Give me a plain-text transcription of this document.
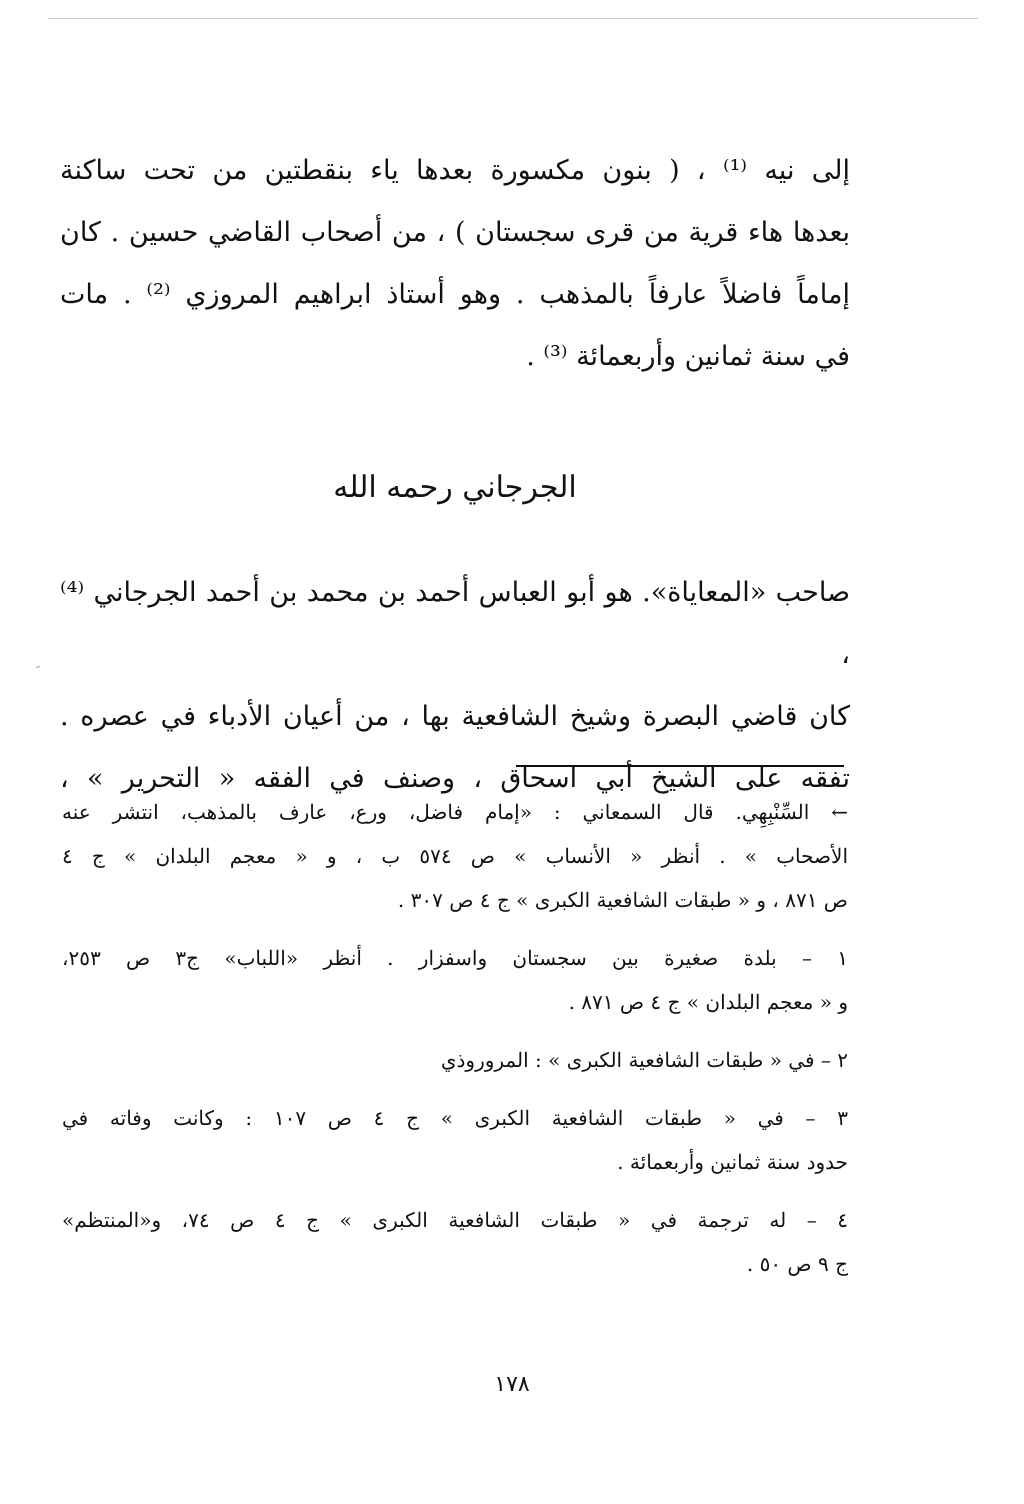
إلى نيه ⁽¹⁾ ، ( بنون مكسورة بعدها ياء بنقطتين من تحت ساكنة
بعدها هاء قرية من قرى سجستان ) ، من أصحاب القاضي حسين . كان
إماماً فاضلاً عارفاً بالمذهب . وهو أستاذ ابراهيم المروزي ⁽²⁾ . مات
في سنة ثمانين وأربعمائة ⁽³⁾ .

الجرجاني رحمه الله

صاحب «المعاياة». هو أبو العباس أحمد بن محمد بن أحمد الجرجاني ⁽⁴⁾ ،
كان قاضي البصرة وشيخ الشافعية بها ، من أعيان الأدباء في عصره .
تفقه على الشيخ أبي اسحاق ، وصنف في الفقه « التحرير » ،

← السِّنْبِهِي. قال السمعاني : «إمام فاضل، ورع، عارف بالمذهب، انتشر عنه
الأصحاب » . أنظر « الأنساب » ص ٥٧٤ ب ، و « معجم البلدان » ج ٤
ص ٨٧١ ، و « طبقات الشافعية الكبرى » ج ٤ ص ٣٠٧ .
١ – بلدة صغيرة بين سجستان واسفزار . أنظر «اللباب» ج٣ ص ٢٥٣،
و « معجم البلدان » ج ٤ ص ٨٧١ .
٢ – في « طبقات الشافعية الكبرى » : المروروذي
٣ – في « طبقات الشافعية الكبرى » ج ٤ ص ١٠٧ : وكانت وفاته في
حدود سنة ثمانين وأربعمائة .
٤ – له ترجمة في « طبقات الشافعية الكبرى » ج ٤ ص ٧٤، و«المنتظم»
ج ٩ ص ٥٠ .
ﹶ
١٧٨
